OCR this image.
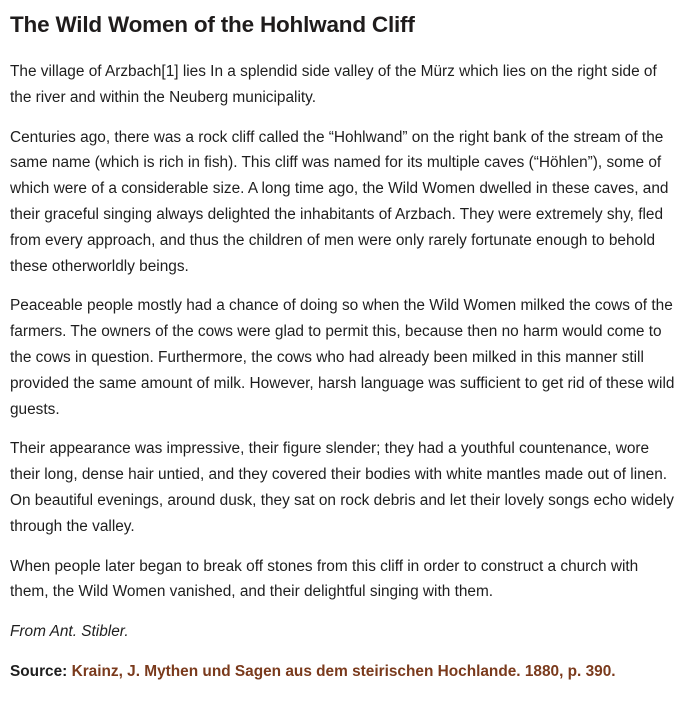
The Wild Women of the Hohlwand Cliff

The village of Arzbach[1] lies In a splendid side valley of the Mürz which lies on the right side of the river and within the Neuberg municipality.

Centuries ago, there was a rock cliff called the “Hohlwand” on the right bank of the stream of the same name (which is rich in fish). This cliff was named for its multiple caves (“Höhlen”), some of which were of a considerable size. A long time ago, the Wild Women dwelled in these caves, and their graceful singing always delighted the inhabitants of Arzbach. They were extremely shy, fled from every approach, and thus the children of men were only rarely fortunate enough to behold these otherworldly beings.

Peaceable people mostly had a chance of doing so when the Wild Women milked the cows of the farmers. The owners of the cows were glad to permit this, because then no harm would come to the cows in question. Furthermore, the cows who had already been milked in this manner still provided the same amount of milk. However, harsh language was sufficient to get rid of these wild guests.

Their appearance was impressive, their figure slender; they had a youthful countenance, wore their long, dense hair untied, and they covered their bodies with white mantles made out of linen. On beautiful evenings, around dusk, they sat on rock debris and let their lovely songs echo widely through the valley.

When people later began to break off stones from this cliff in order to construct a church with them, the Wild Women vanished, and their delightful singing with them.

From Ant. Stibler.

Source: Krainz, J. Mythen und Sagen aus dem steirischen Hochlande. 1880, p. 390.
